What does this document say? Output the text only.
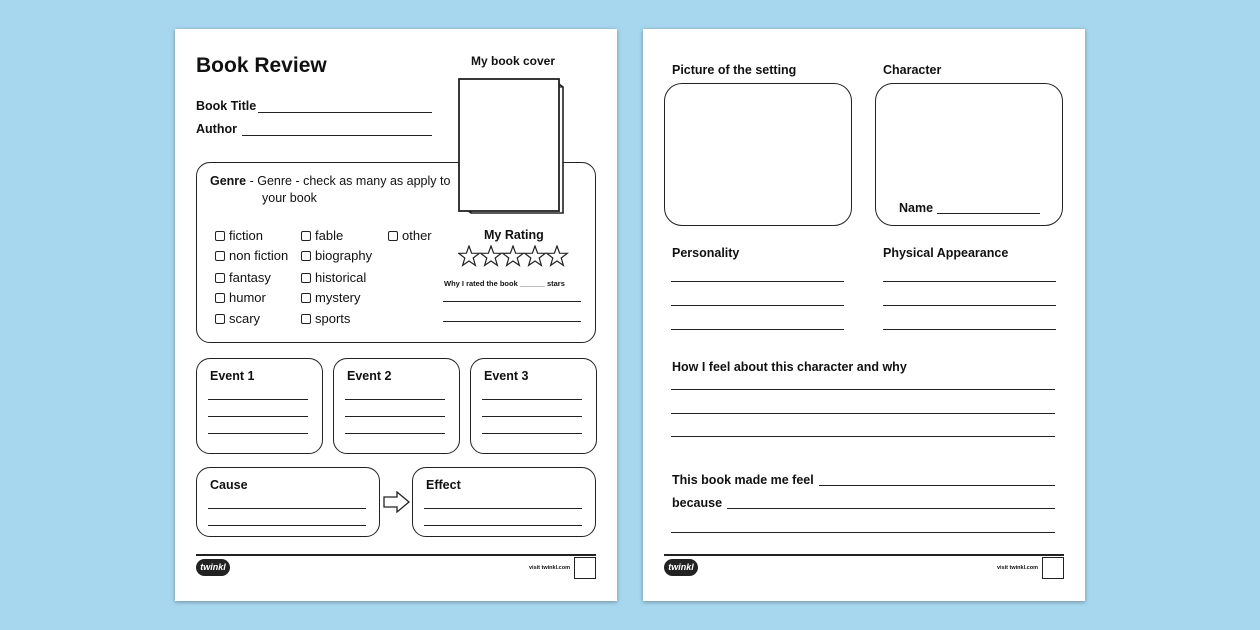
Book Review
Book Title
Author
My book cover
Genre - Genre - check as many as apply to
your book
fiction
non fiction
fantasy
humor
scary
fable
biography
historical
mystery
sports
other	My Rating
Why I rated the book ______ stars
Event 1	Event 2	Event 3
Cause	Effect
twinkl	visit twinkl.com
Picture of the setting	Character
Name
Personality	Physical Appearance
How I feel about this character and why
This book made me feel
because
twinkl	visit twinkl.com
